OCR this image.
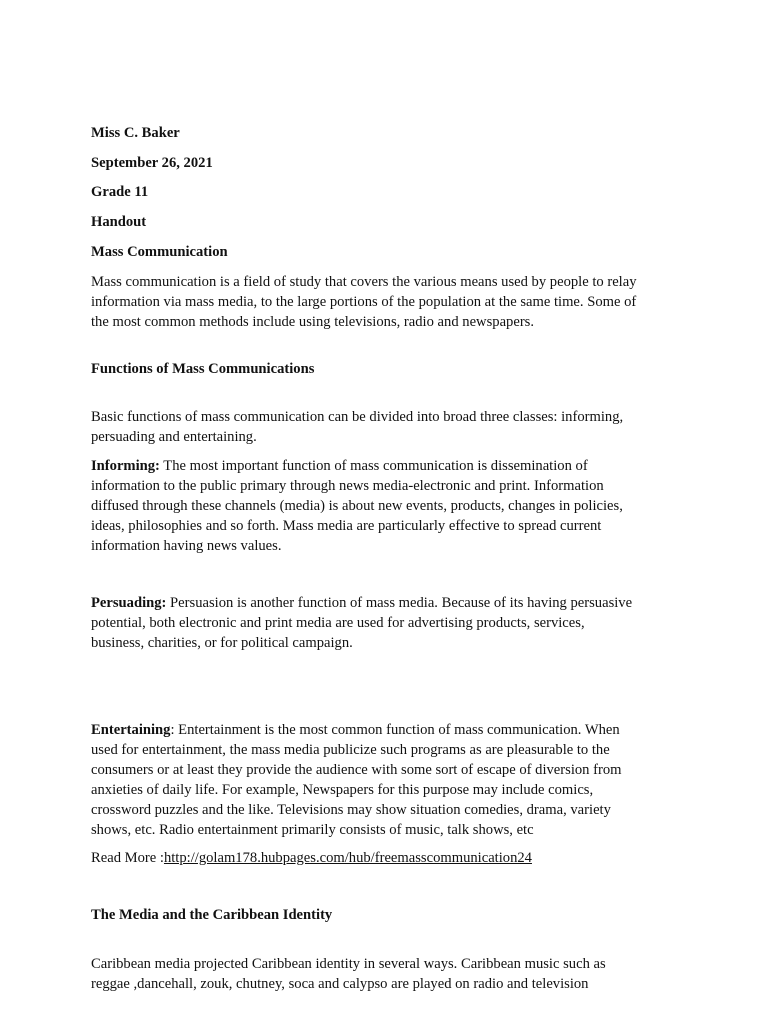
Miss C. Baker
September 26, 2021
Grade 11
Handout
Mass Communication
Mass communication is a field of study that covers the various means used by people to relay
information via mass media, to the large portions of the population at the same time. Some of
the most common methods include using televisions, radio and newspapers.
Functions of Mass Communications
Basic functions of mass communication can be divided into broad three classes: informing,
persuading and entertaining.
Informing: The most important function of mass communication is dissemination of
information to the public primary through news media-electronic and print. Information
diffused through these channels (media) is about new events, products, changes in policies,
ideas, philosophies and so forth. Mass media are particularly effective to spread current
information having news values.
Persuading: Persuasion is another function of mass media. Because of its having persuasive
potential, both electronic and print media are used for advertising products, services,
business, charities, or for political campaign.
Entertaining: Entertainment is the most common function of mass communication. When
used for entertainment, the mass media publicize such programs as are pleasurable to the
consumers or at least they provide the audience with some sort of escape of diversion from
anxieties of daily life. For example, Newspapers for this purpose may include comics,
crossword puzzles and the like. Televisions may show situation comedies, drama, variety
shows, etc. Radio entertainment primarily consists of music, talk shows, etc
Read More :http://golam178.hubpages.com/hub/freemasscommunication24
The Media and the Caribbean Identity
Caribbean media projected Caribbean identity in several ways. Caribbean music such as
reggae ,dancehall, zouk, chutney, soca and calypso are played on radio and television
